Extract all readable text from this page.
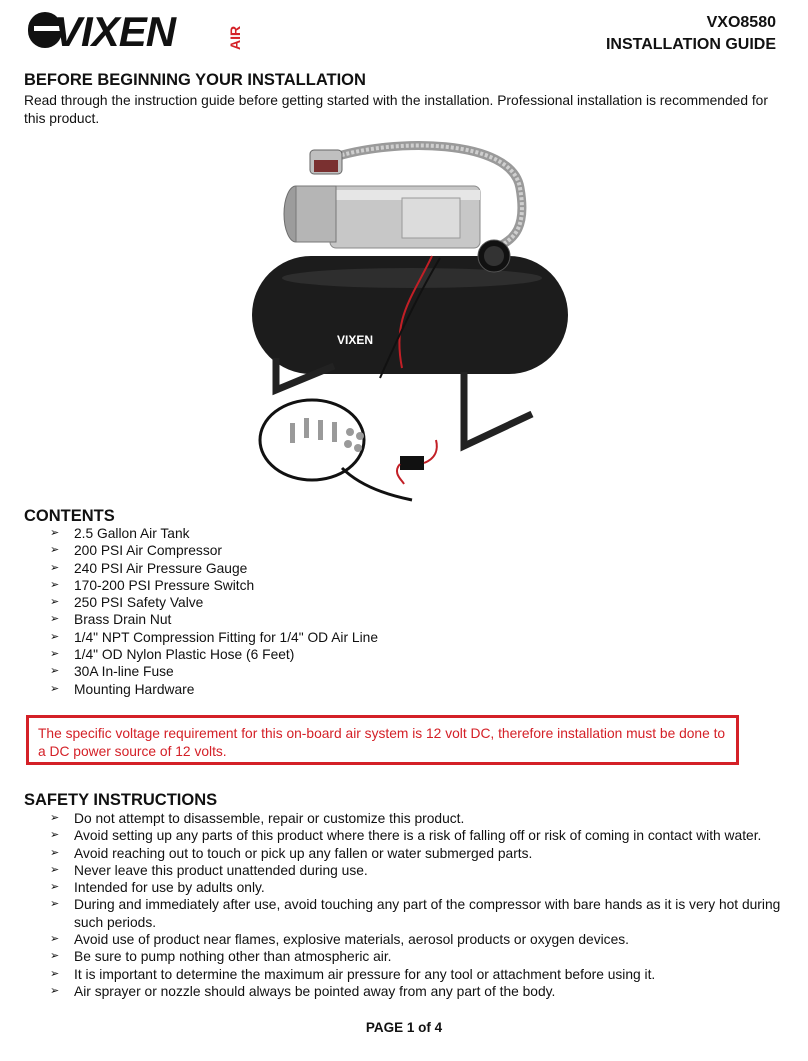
VIXEN	AIR
VXO8580
INSTALLATION GUIDE
BEFORE BEGINNING YOUR INSTALLATION
Read through the instruction guide before getting started with the installation. Professional installation is recommended for this product.
VIXEN
CONTENTS
➢ 2.5 Gallon Air Tank
➢ 200 PSI Air Compressor
➢ 240 PSI Air Pressure Gauge
➢ 170-200 PSI Pressure Switch
➢ 250 PSI Safety Valve
➢ Brass Drain Nut
➢ 1/4" NPT Compression Fitting for 1/4" OD Air Line
➢ 1/4" OD Nylon Plastic Hose (6 Feet)
➢ 30A In-line Fuse
➢ Mounting Hardware
The specific voltage requirement for this on-board air system is 12 volt DC, therefore installation must be done to a DC power source of 12 volts.
SAFETY INSTRUCTIONS
➢ Do not attempt to disassemble, repair or customize this product.
➢ Avoid setting up any parts of this product where there is a risk of falling off or risk of coming in contact with water.
➢ Avoid reaching out to touch or pick up any fallen or water submerged parts.
➢ Never leave this product unattended during use.
➢ Intended for use by adults only.
➢ During and immediately after use, avoid touching any part of the compressor with bare hands as it is very hot during such periods.
➢ Avoid use of product near flames, explosive materials, aerosol products or oxygen devices.
➢ Be sure to pump nothing other than atmospheric air.
➢ It is important to determine the maximum air pressure for any tool or attachment before using it.
➢ Air sprayer or nozzle should always be pointed away from any part of the body.
PAGE 1 of 4
